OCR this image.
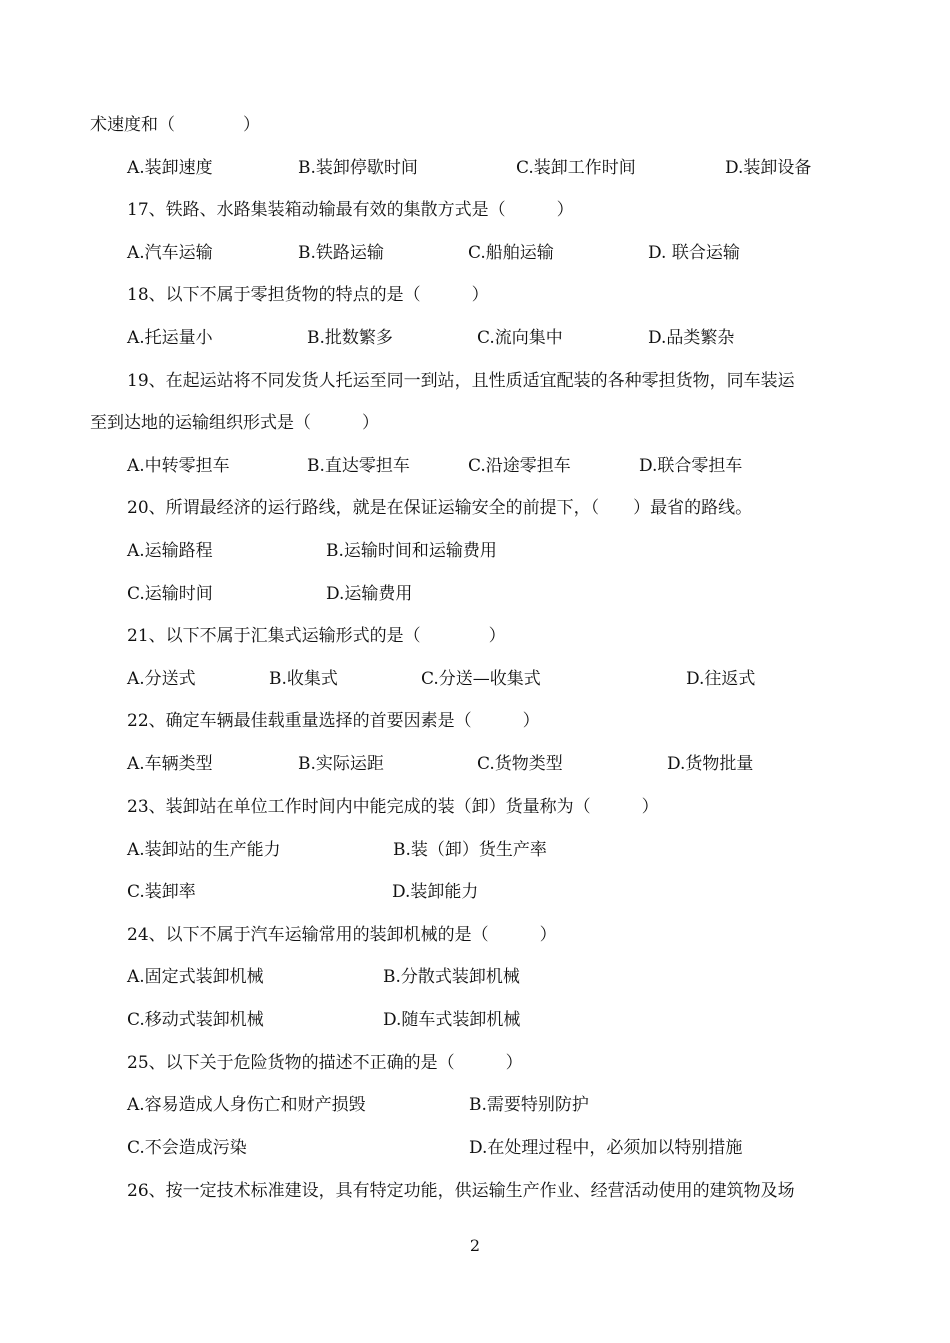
术速度和（　　　　）
A.装卸速度	B.装卸停歇时间	C.装卸工作时间	D.装卸设备
17、铁路、水路集装箱动输最有效的集散方式是（　　　）
A.汽车运输	B.铁路运输	C.船舶运输	D. 联合运输
18、以下不属于零担货物的特点的是（　　　）
A.托运量小	B.批数繁多	C.流向集中	D.品类繁杂
19、在起运站将不同发货人托运至同一到站，且性质适宜配装的各种零担货物，同车装运
至到达地的运输组织形式是（　　　）
A.中转零担车	B.直达零担车	C.沿途零担车	D.联合零担车
20、所谓最经济的运行路线，就是在保证运输安全的前提下，（　　）最省的路线。
A.运输路程	B.运输时间和运输费用
C.运输时间	D.运输费用
21、以下不属于汇集式运输形式的是（　　　　）
A.分送式	B.收集式	C.分送—收集式	D.往返式
22、确定车辆最佳载重量选择的首要因素是（　　　）
A.车辆类型	B.实际运距	C.货物类型	D.货物批量
23、装卸站在单位工作时间内中能完成的装（卸）货量称为（　　　）
A.装卸站的生产能力	B.装（卸）货生产率
C.装卸率	D.装卸能力
24、以下不属于汽车运输常用的装卸机械的是（　　　）
A.固定式装卸机械	B.分散式装卸机械
C.移动式装卸机械	D.随车式装卸机械
25、以下关于危险货物的描述不正确的是（　　　）
A.容易造成人身伤亡和财产损毁	B.需要特别防护
C.不会造成污染	D.在处理过程中，必须加以特别措施
26、按一定技术标准建设，具有特定功能，供运输生产作业、经营活动使用的建筑物及场
2
